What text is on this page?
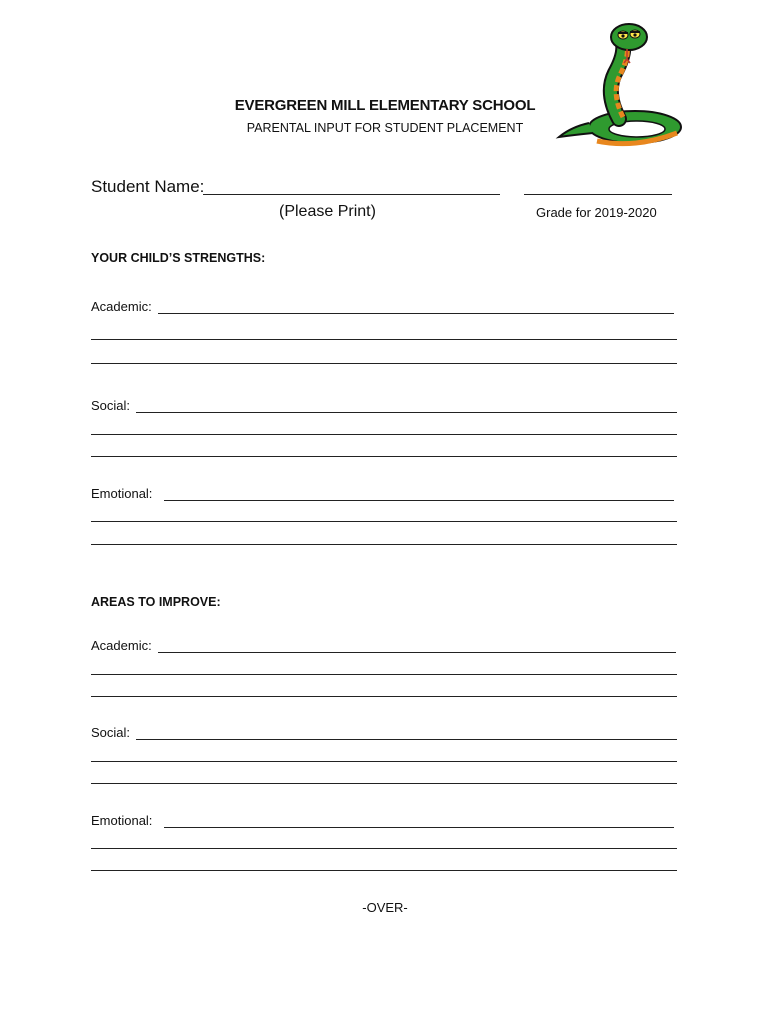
EVERGREEN MILL ELEMENTARY SCHOOL
PARENTAL INPUT FOR STUDENT PLACEMENT
Student Name:
(Please Print)	Grade for 2019-2020
YOUR CHILD’S STRENGTHS:
Academic:
Social:
Emotional:
AREAS TO IMPROVE:
Academic:
Social:
Emotional:
-OVER-
